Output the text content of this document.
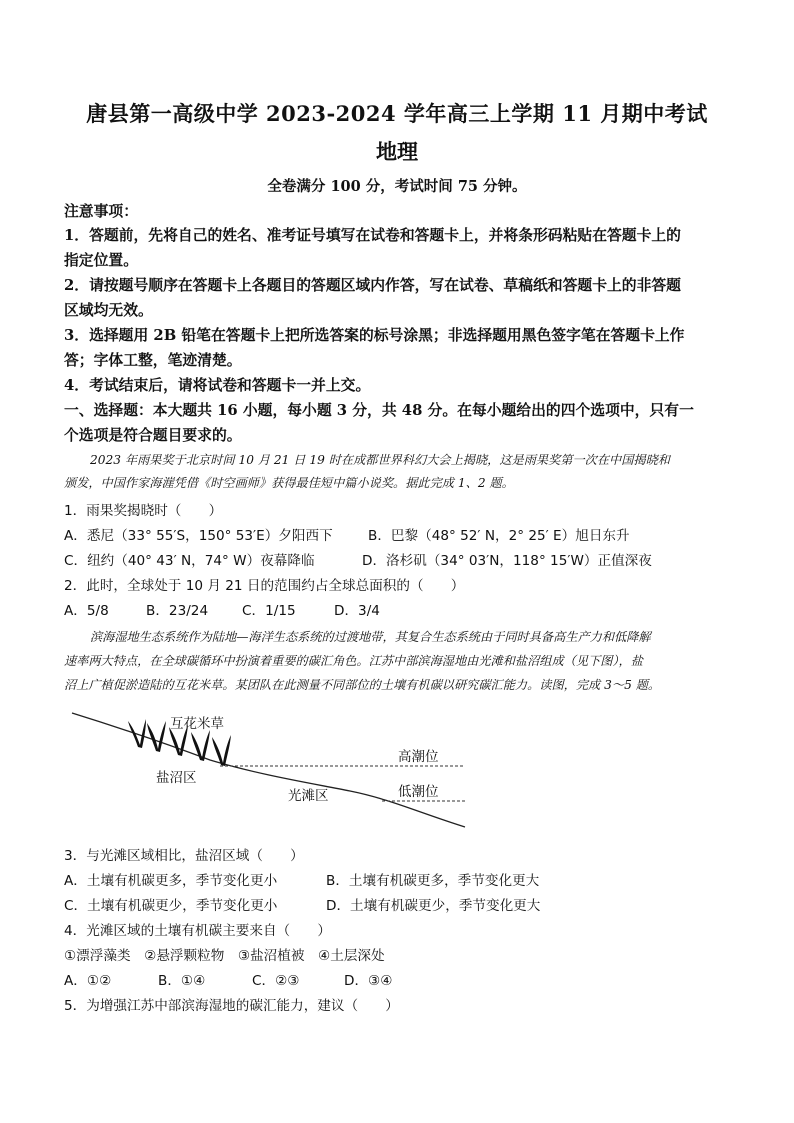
唐县第一高级中学 2023-2024 学年高三上学期 11 月期中考试
地理
全卷满分 100 分，考试时间 75 分钟。
注意事项：
1．答题前，先将自己的姓名、准考证号填写在试卷和答题卡上，并将条形码粘贴在答题卡上的
指定位置。
2．请按题号顺序在答题卡上各题目的答题区域内作答，写在试卷、草稿纸和答题卡上的非答题
区域均无效。
3．选择题用 2B 铅笔在答题卡上把所选答案的标号涂黑；非选择题用黑色签字笔在答题卡上作
答；字体工整，笔迹清楚。
4．考试结束后，请将试卷和答题卡一并上交。
一、选择题：本大题共 16 小题，每小题 3 分，共 48 分。在每小题给出的四个选项中，只有一
个选项是符合题目要求的。
2023 年雨果奖于北京时间 10 月 21 日 19 时在成都世界科幻大会上揭晓，这是雨果奖第一次在中国揭晓和
颁发，中国作家海漄凭借《时空画师》获得最佳短中篇小说奖。据此完成 1、2 题。
1．雨果奖揭晓时（　　）
A．悉尼（33° 55′S，150° 53′E）夕阳西下	B．巴黎（48° 52′ N，2° 25′ E）旭日东升
C．纽约（40° 43′ N，74° W）夜幕降临	D．洛杉矶（34° 03′N，118° 15′W）正值深夜
2．此时，全球处于 10 月 21 日的范围约占全球总面积的（　　）
A．5/8	B．23/24 C．1/15	D．3/4
滨海湿地生态系统作为陆地—海洋生态系统的过渡地带，其复合生态系统由于同时具备高生产力和低降解
速率两大特点，在全球碳循环中扮演着重要的碳汇角色。江苏中部滨海湿地由光滩和盐沼组成（见下图），盐
沼上广植促淤造陆的互花米草。某团队在此测量不同部位的土壤有机碳以研究碳汇能力。读图，完成 3～5 题。
互花米草
盐沼区
光滩区
高潮位
低潮位
3．与光滩区域相比，盐沼区域（　　）
A．土壤有机碳更多，季节变化更小	B．土壤有机碳更多，季节变化更大
C．土壤有机碳更少，季节变化更小	D．土壤有机碳更少，季节变化更大
4．光滩区域的土壤有机碳主要来自（　　）
①漂浮藻类　②悬浮颗粒物　③盐沼植被　④土层深处
A．①②	B．①④	C．②③	D．③④
5．为增强江苏中部滨海湿地的碳汇能力，建议（　　）
